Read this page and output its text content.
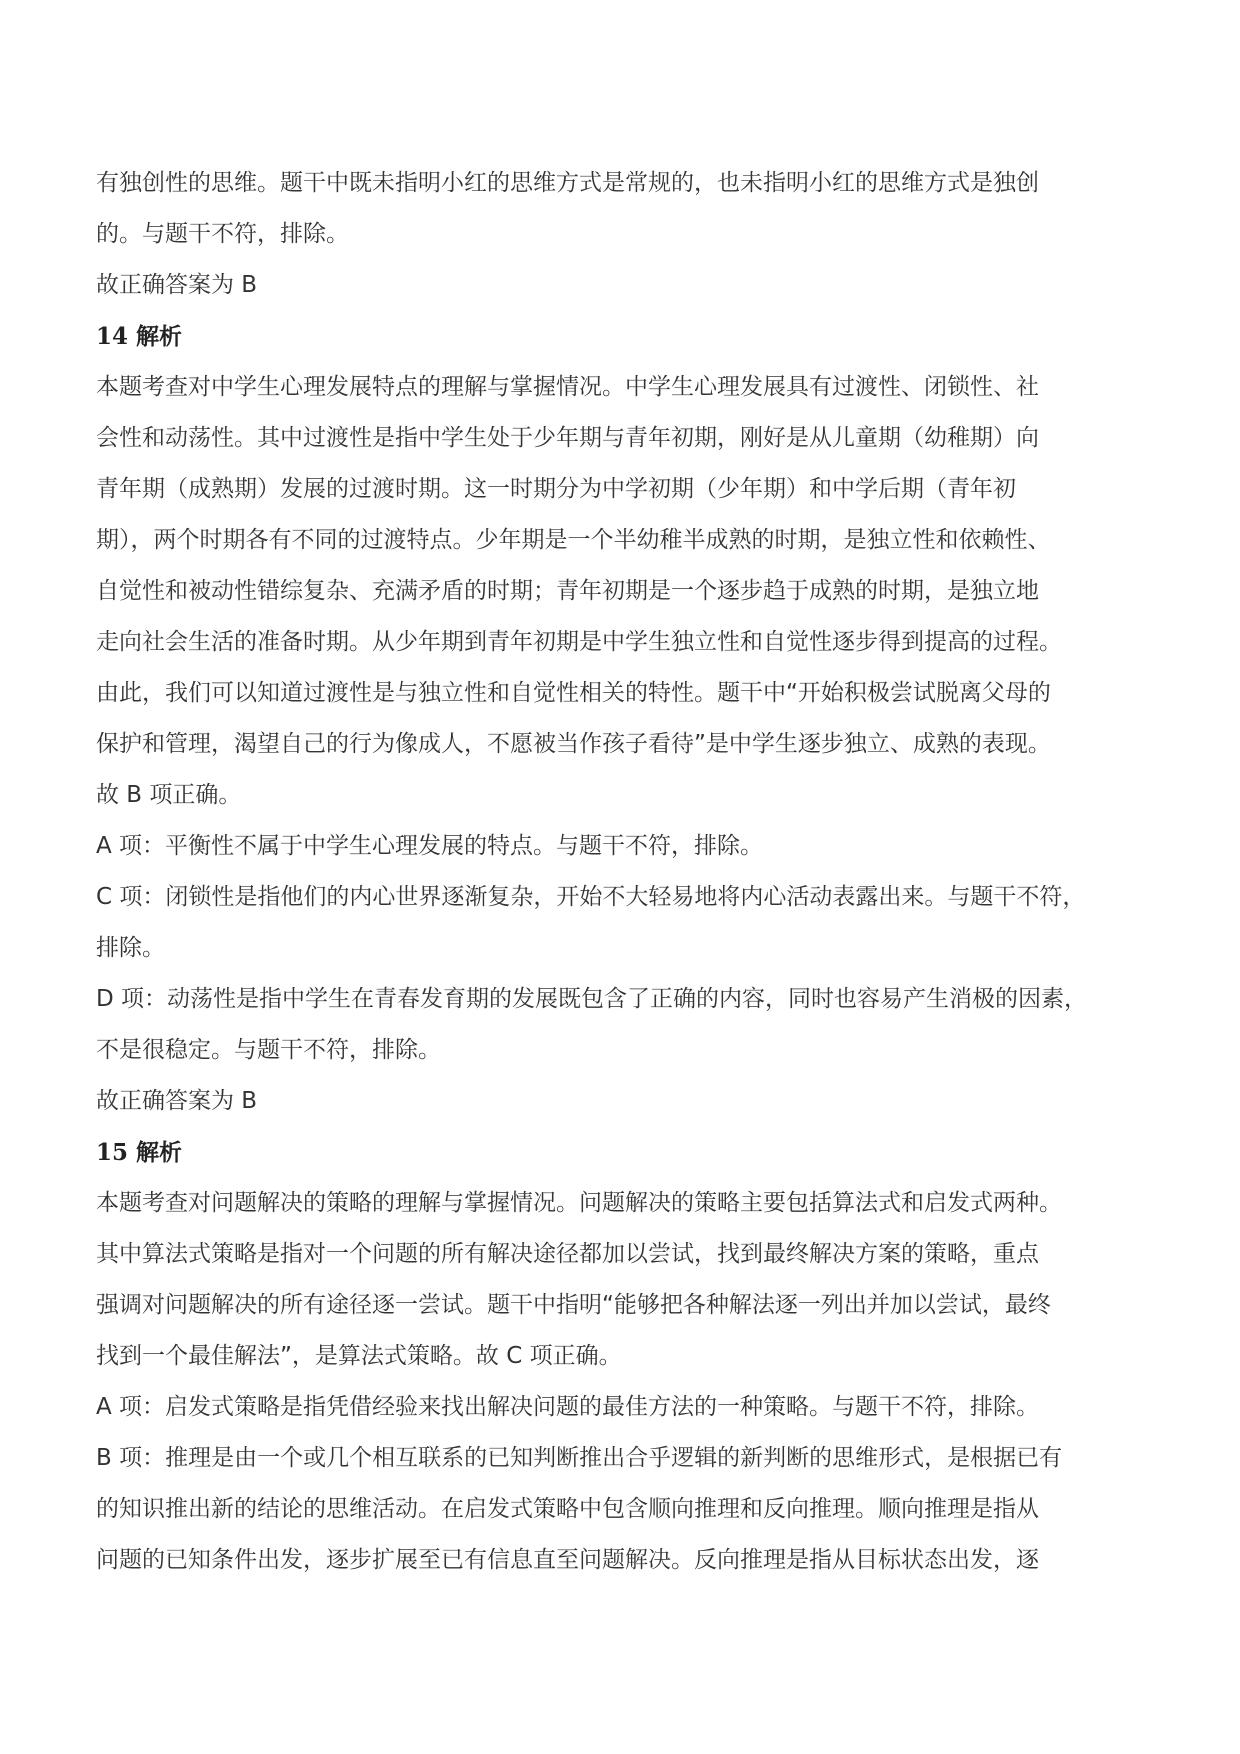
有独创性的思维。题干中既未指明小红的思维方式是常规的，也未指明小红的思维方式是独创
的。与题干不符，排除。
故正确答案为 B
14 解析
本题考查对中学生心理发展特点的理解与掌握情况。中学生心理发展具有过渡性、闭锁性、社
会性和动荡性。其中过渡性是指中学生处于少年期与青年初期，刚好是从儿童期（幼稚期）向
青年期（成熟期）发展的过渡时期。这一时期分为中学初期（少年期）和中学后期（青年初
期），两个时期各有不同的过渡特点。少年期是一个半幼稚半成熟的时期，是独立性和依赖性、
自觉性和被动性错综复杂、充满矛盾的时期；青年初期是一个逐步趋于成熟的时期，是独立地
走向社会生活的准备时期。从少年期到青年初期是中学生独立性和自觉性逐步得到提高的过程。
由此，我们可以知道过渡性是与独立性和自觉性相关的特性。题干中“开始积极尝试脱离父母的
保护和管理，渴望自己的行为像成人，不愿被当作孩子看待”是中学生逐步独立、成熟的表现。
故 B 项正确。
A 项：平衡性不属于中学生心理发展的特点。与题干不符，排除。
C 项：闭锁性是指他们的内心世界逐渐复杂，开始不大轻易地将内心活动表露出来。与题干不符，
排除。
D 项：动荡性是指中学生在青春发育期的发展既包含了正确的内容，同时也容易产生消极的因素，
不是很稳定。与题干不符，排除。
故正确答案为 B
15 解析
本题考查对问题解决的策略的理解与掌握情况。问题解决的策略主要包括算法式和启发式两种。
其中算法式策略是指对一个问题的所有解决途径都加以尝试，找到最终解决方案的策略，重点
强调对问题解决的所有途径逐一尝试。题干中指明“能够把各种解法逐一列出并加以尝试，最终
找到一个最佳解法”，是算法式策略。故 C 项正确。
A 项：启发式策略是指凭借经验来找出解决问题的最佳方法的一种策略。与题干不符，排除。
B 项：推理是由一个或几个相互联系的已知判断推出合乎逻辑的新判断的思维形式，是根据已有
的知识推出新的结论的思维活动。在启发式策略中包含顺向推理和反向推理。顺向推理是指从
问题的已知条件出发，逐步扩展至已有信息直至问题解决。反向推理是指从目标状态出发，逐
